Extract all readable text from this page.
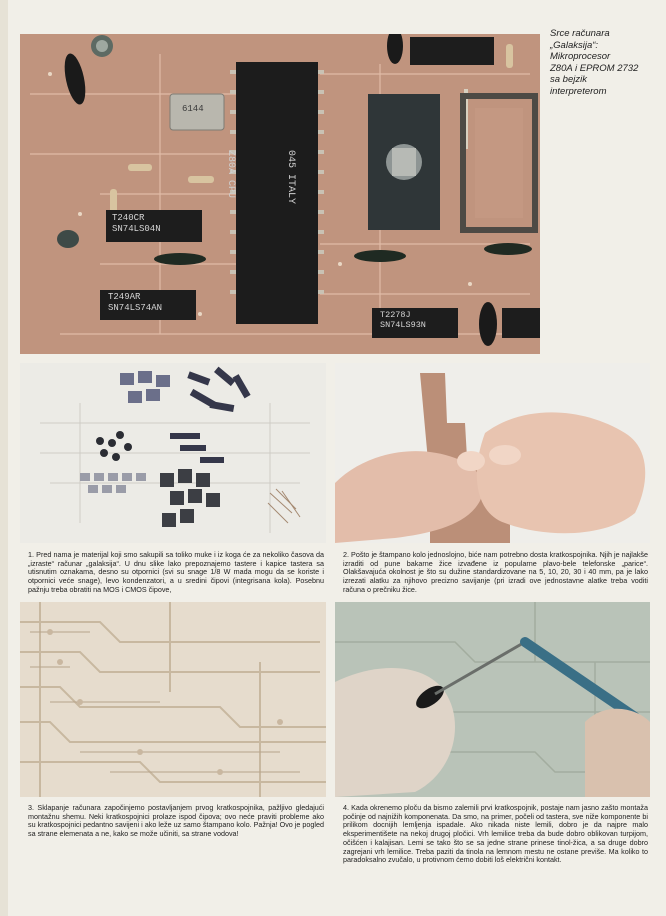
Z80A CPU	045 ITALY
T240CR
SN74LS04N
T249AR
SN74LS74AN
T2278J
SN74LS93N
6144
Srce računara
„Galaksija“:
Mikroprocesor
Z80A i EPROM 2732
sa bejzik
interpreterom
1. Pred nama je materijal koji smo sakupili sa toliko muke i iz koga će za nekoliko časova da „izraste“ računar „galaksija“. U dnu slike lako prepoznajemo tastere i kapice tastera sa utisnutim oznakama, desno su otpornici (svi su snage 1/8 W mada mogu da se koriste i otpornici veće snage), levo kondenzatori, a u sredini čipovi (integrisana kola). Posebnu pažnju treba obratiti na MOS i CMOS čipove,
2. Pošto je štampano kolo jednoslojno, biće nam potrebno dosta kratkospojnika. Njih je najlakše izraditi od pune bakarne žice izvađene iz popularne plavo-bele telefonske „parice“. Olakšavajuća okolnost je što su dužine standardizovane na 5, 10, 20, 30 i 40 mm, pa je lako izrezati alatku za njihovo precizno savijanje (pri izradi ove jednostavne alatke treba voditi računa o prečniku žice.
3. Sklapanje računara započinjemo postavljanjem prvog kratkospojnika, pažljivo gledajući montažnu shemu. Neki kratkospojnici prolaze ispod čipova; ovo neće praviti probleme ako su kratkospojnici pedantno savijeni i ako leže uz samo štampano kolo. Pažnja! Ovo je pogled sa strane elemenata a ne, kako se može učiniti, sa strane vodova!
4. Kada okrenemo ploču da bismo zalemili prvi kratkospojnik, postaje nam jasno zašto montaža počinje od najnižih komponenata. Da smo, na primer, počeli od tastera, sve niže komponente bi prilikom docnijih lemljenja ispadale. Ako nikada niste lemili, dobro je da najpre malo eksperimentišete na nekoj drugoj pločici. Vrh lemilice treba da bude dobro oblikovan turpijom, očišćen i kalajisan. Lemi se tako što se sa jedne strane prinese tinol-žica, a sa druge dobro zagrejani vrh lemilice. Treba paziti da tinola na lemnom mestu ne ostane previše. Ma koliko to paradoksalno zvučalo, u protivnom ćemo dobiti loš električni kontakt.
